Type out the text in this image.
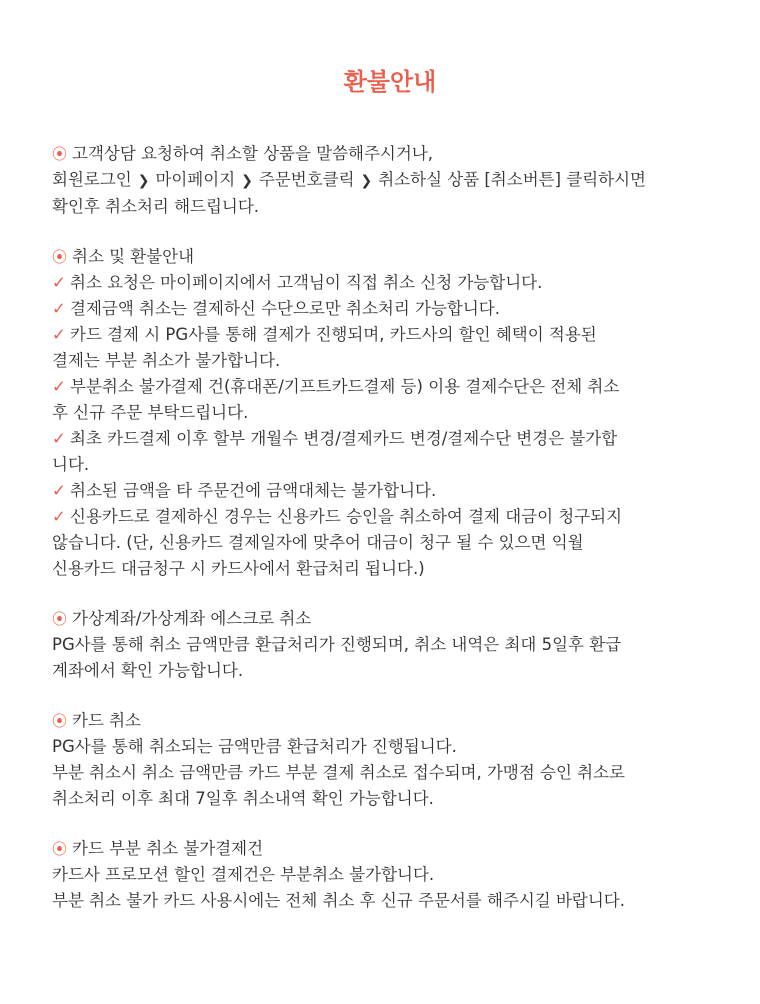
환불안내
⦿ 고객상담 요청하여 취소할 상품을 말씀해주시거나,
회원로그인 ❯ 마이페이지 ❯ 주문번호클릭 ❯ 취소하실 상품 [취소버튼] 클릭하시면
확인후 취소처리 해드립니다.
⦿ 취소 및 환불안내
✓ 취소 요청은 마이페이지에서 고객님이 직접 취소 신청 가능합니다.
✓ 결제금액 취소는 결제하신 수단으로만 취소처리 가능합니다.
✓ 카드 결제 시 PG사를 통해 결제가 진행되며, 카드사의 할인 혜택이 적용된
결제는 부분 취소가 불가합니다.
✓ 부분취소 불가결제 건(휴대폰/기프트카드결제 등) 이용 결제수단은 전체 취소
후 신규 주문 부탁드립니다.
✓ 최초 카드결제 이후 할부 개월수 변경/결제카드 변경/결제수단 변경은 불가합
니다.
✓ 취소된 금액을 타 주문건에 금액대체는 불가합니다.
✓ 신용카드로 결제하신 경우는 신용카드 승인을 취소하여 결제 대금이 청구되지
않습니다. (단, 신용카드 결제일자에 맞추어 대금이 청구 될 수 있으면 익월
신용카드 대금청구 시 카드사에서 환급처리 됩니다.)
⦿ 가상계좌/가상계좌 에스크로 취소
PG사를 통해 취소 금액만큼 환급처리가 진행되며, 취소 내역은 최대 5일후 환급
계좌에서 확인 가능합니다.
⦿ 카드 취소
PG사를 통해 취소되는 금액만큼 환급처리가 진행됩니다.
부분 취소시 취소 금액만큼 카드 부분 결제 취소로 접수되며, 가맹점 승인 취소로
취소처리 이후 최대 7일후 취소내역 확인 가능합니다.
⦿ 카드 부분 취소 불가결제건
카드사 프로모션 할인 결제건은 부분취소 불가합니다.
부분 취소 불가 카드 사용시에는 전체 취소 후 신규 주문서를 해주시길 바랍니다.
